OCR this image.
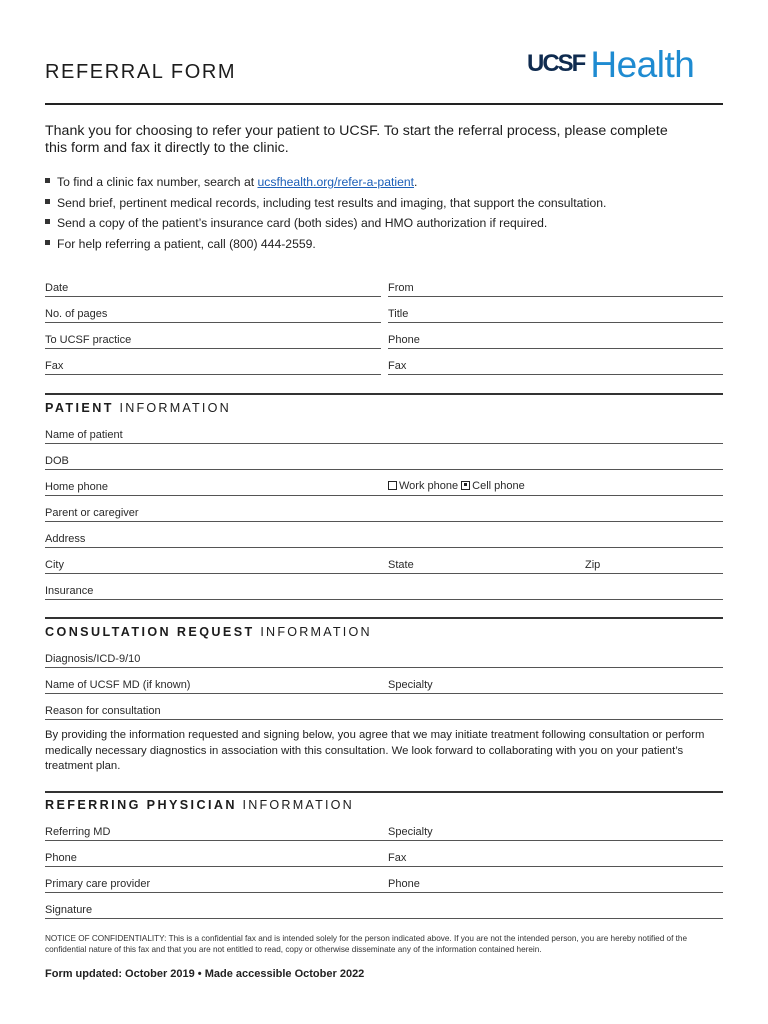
REFERRAL FORM	UCSF Health
Thank you for choosing to refer your patient to UCSF. To start the referral process, please complete this form and fax it directly to the clinic.
To find a clinic fax number, search at ucsfhealth.org/refer-a-patient.
Send brief, pertinent medical records, including test results and imaging, that support the consultation.
Send a copy of the patient’s insurance card (both sides) and HMO authorization if required.
For help referring a patient, call (800) 444-2559.
Date	From
No. of pages	Title
To UCSF practice	Phone
Fax	Fax
PATIENT INFORMATION
Name of patient
DOB
Home phone	Work phone Cell phone
Parent or caregiver
Address
City	State	Zip
Insurance
CONSULTATION REQUEST INFORMATION
Diagnosis/ICD-9/10
Name of UCSF MD (if known)	Specialty
Reason for consultation
By providing the information requested and signing below, you agree that we may initiate treatment following consultation or perform medically necessary diagnostics in association with this consultation. We look forward to collaborating with you on your patient’s treatment plan.
REFERRING PHYSICIAN INFORMATION
Referring MD	Specialty
Phone	Fax
Primary care provider	Phone
Signature
NOTICE OF CONFIDENTIALITY: This is a confidential fax and is intended solely for the person indicated above. If you are not the intended person, you are hereby notified of the confidential nature of this fax and that you are not entitled to read, copy or otherwise disseminate any of the information contained herein.
Form updated: October 2019 • Made accessible October 2022
